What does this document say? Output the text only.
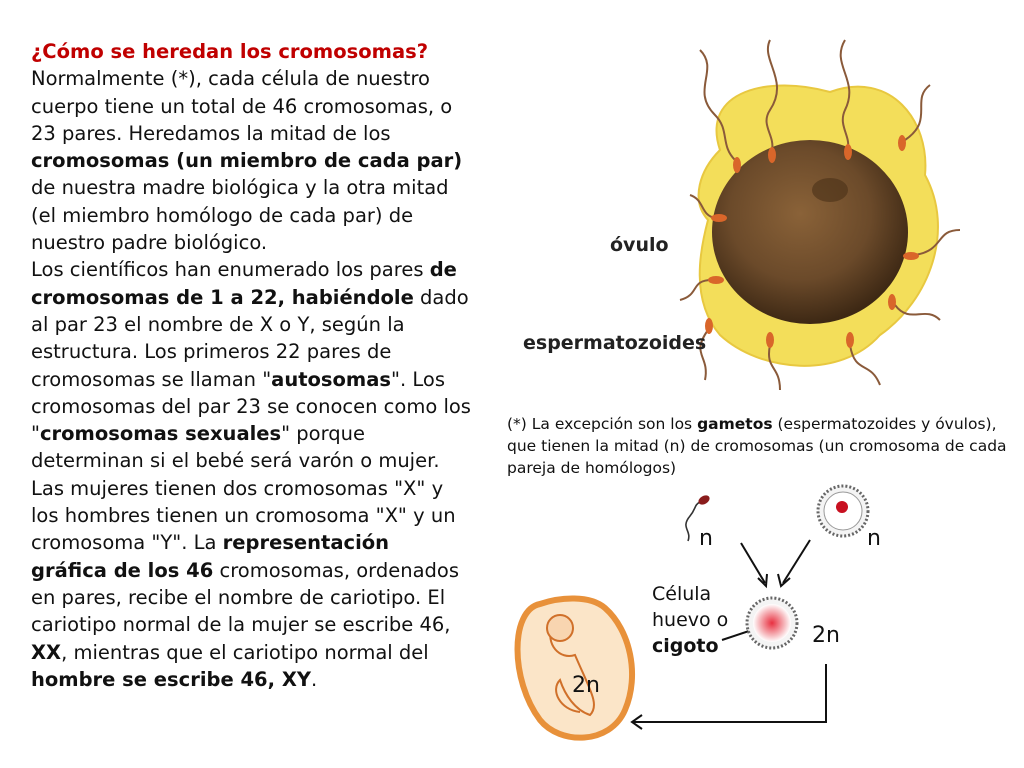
¿Cómo se heredan los cromosomas?

Normalmente (*), cada célula de nuestro cuerpo tiene un total de 46 cromosomas, o 23 pares. Heredamos la mitad de los cromosomas (un miembro de cada par) de nuestra madre biológica y la otra mitad (el miembro homólogo de cada par) de nuestro padre biológico.

Los científicos han enumerado los pares de cromosomas de 1 a 22, habiéndole dado al par 23 el nombre de X o Y, según la estructura. Los primeros 22 pares de cromosomas se llaman "autosomas". Los cromosomas del par 23 se conocen como los "cromosomas sexuales" porque determinan si el bebé será varón o mujer. Las mujeres tienen dos cromosomas "X" y los hombres tienen un cromosoma "X" y un cromosoma "Y". La representación gráfica de los 46 cromosomas, ordenados en pares, recibe el nombre de cariotipo. El cariotipo normal de la mujer se escribe 46, XX, mientras que el cariotipo normal del hombre se escribe 46, XY.

óvulo
espermatozoides
(*) La excepción son los gametos (espermatozoides y óvulos), que tienen la mitad (n) de cromosomas (un cromosoma de cada pareja de homólogos)
n	n
Célula
huevo o
cigoto	2n
2n
